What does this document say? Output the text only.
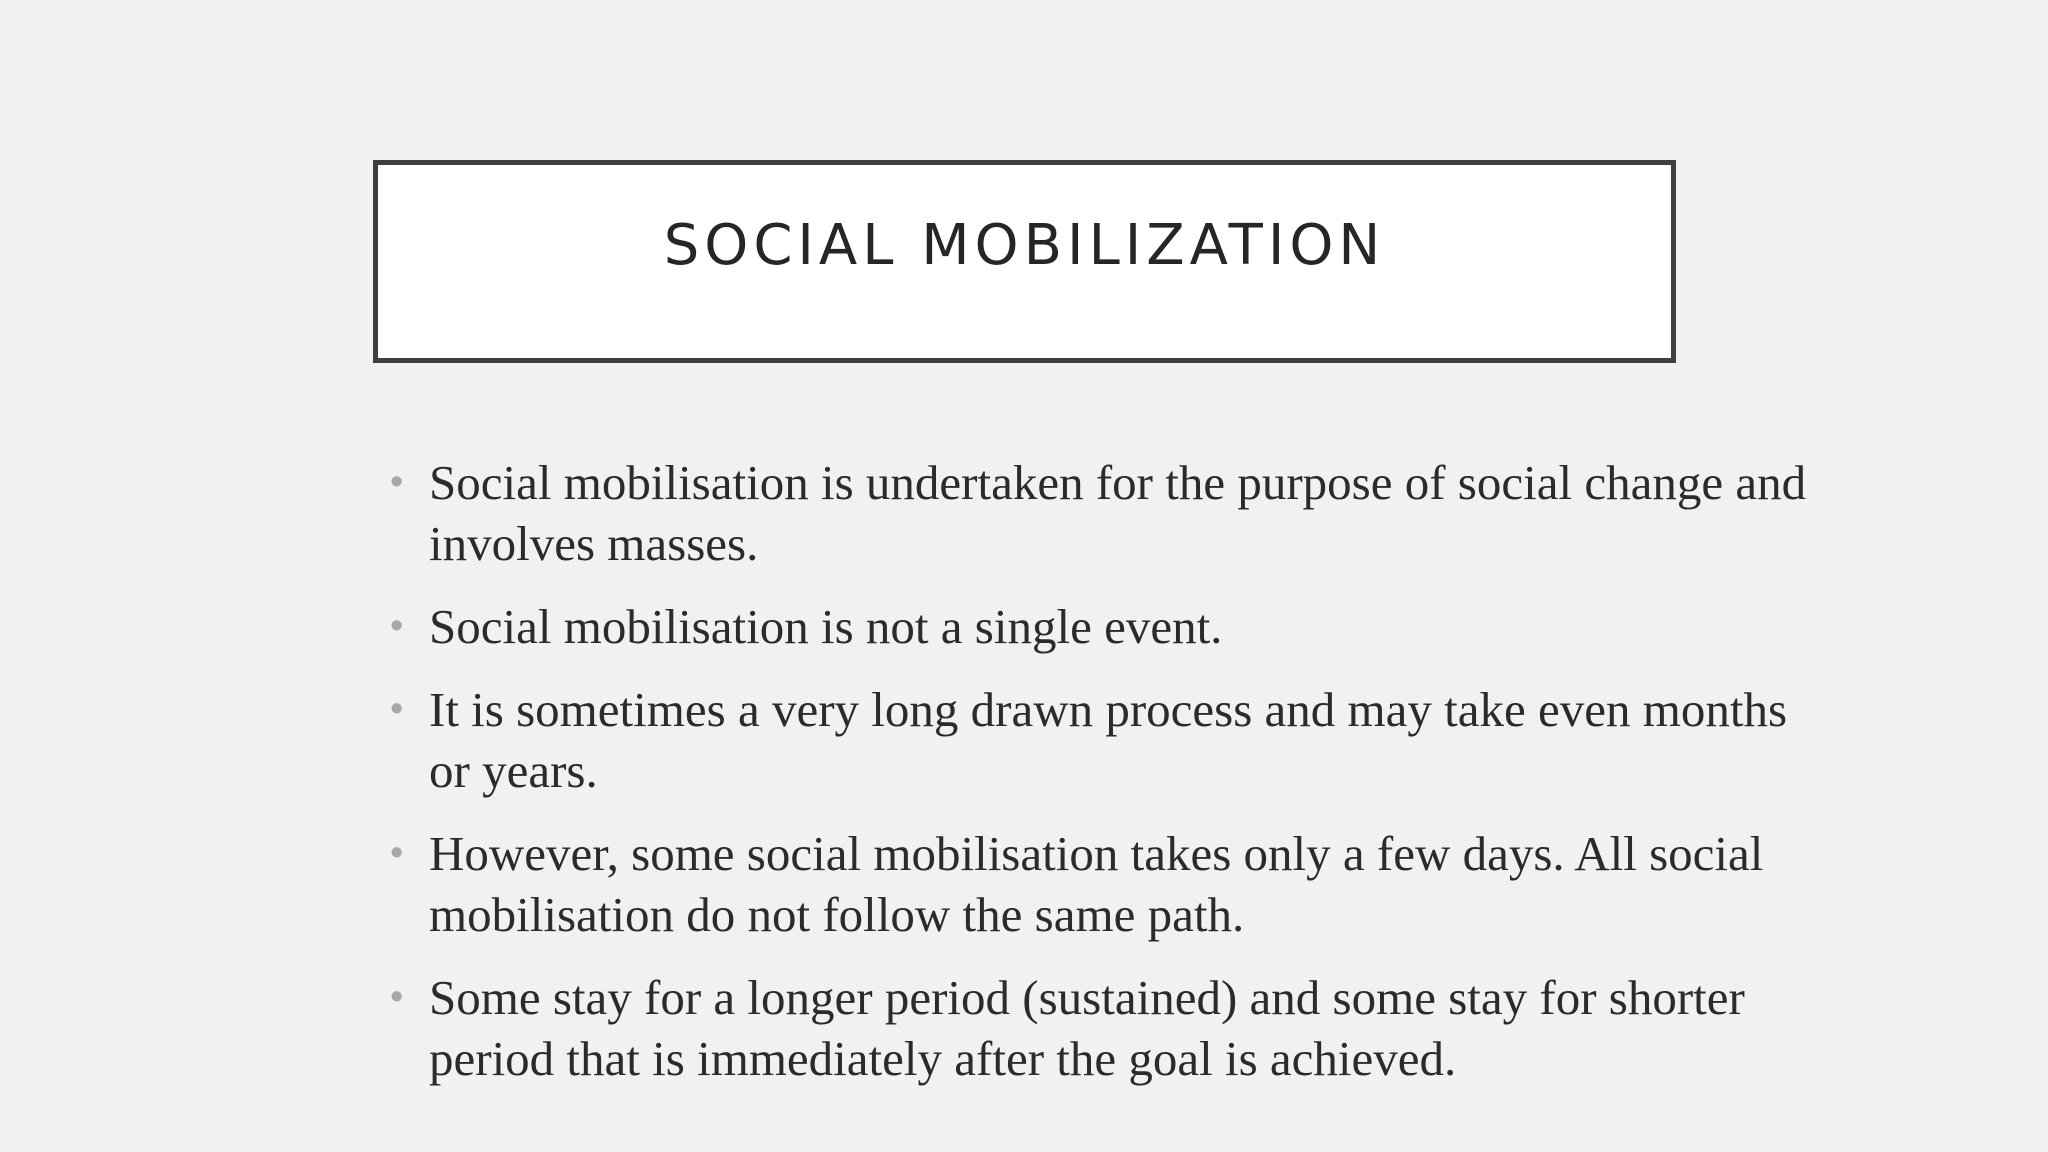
SOCIAL MOBILIZATION
• Social mobilisation is undertaken for the purpose of social change and involves masses.
• Social mobilisation is not a single event.
• It is sometimes a very long drawn process and may take even months or years.
• However, some social mobilisation takes only a few days. All social mobilisation do not follow the same path.
• Some stay for a longer period (sustained) and some stay for shorter period that is immediately after the goal is achieved.
